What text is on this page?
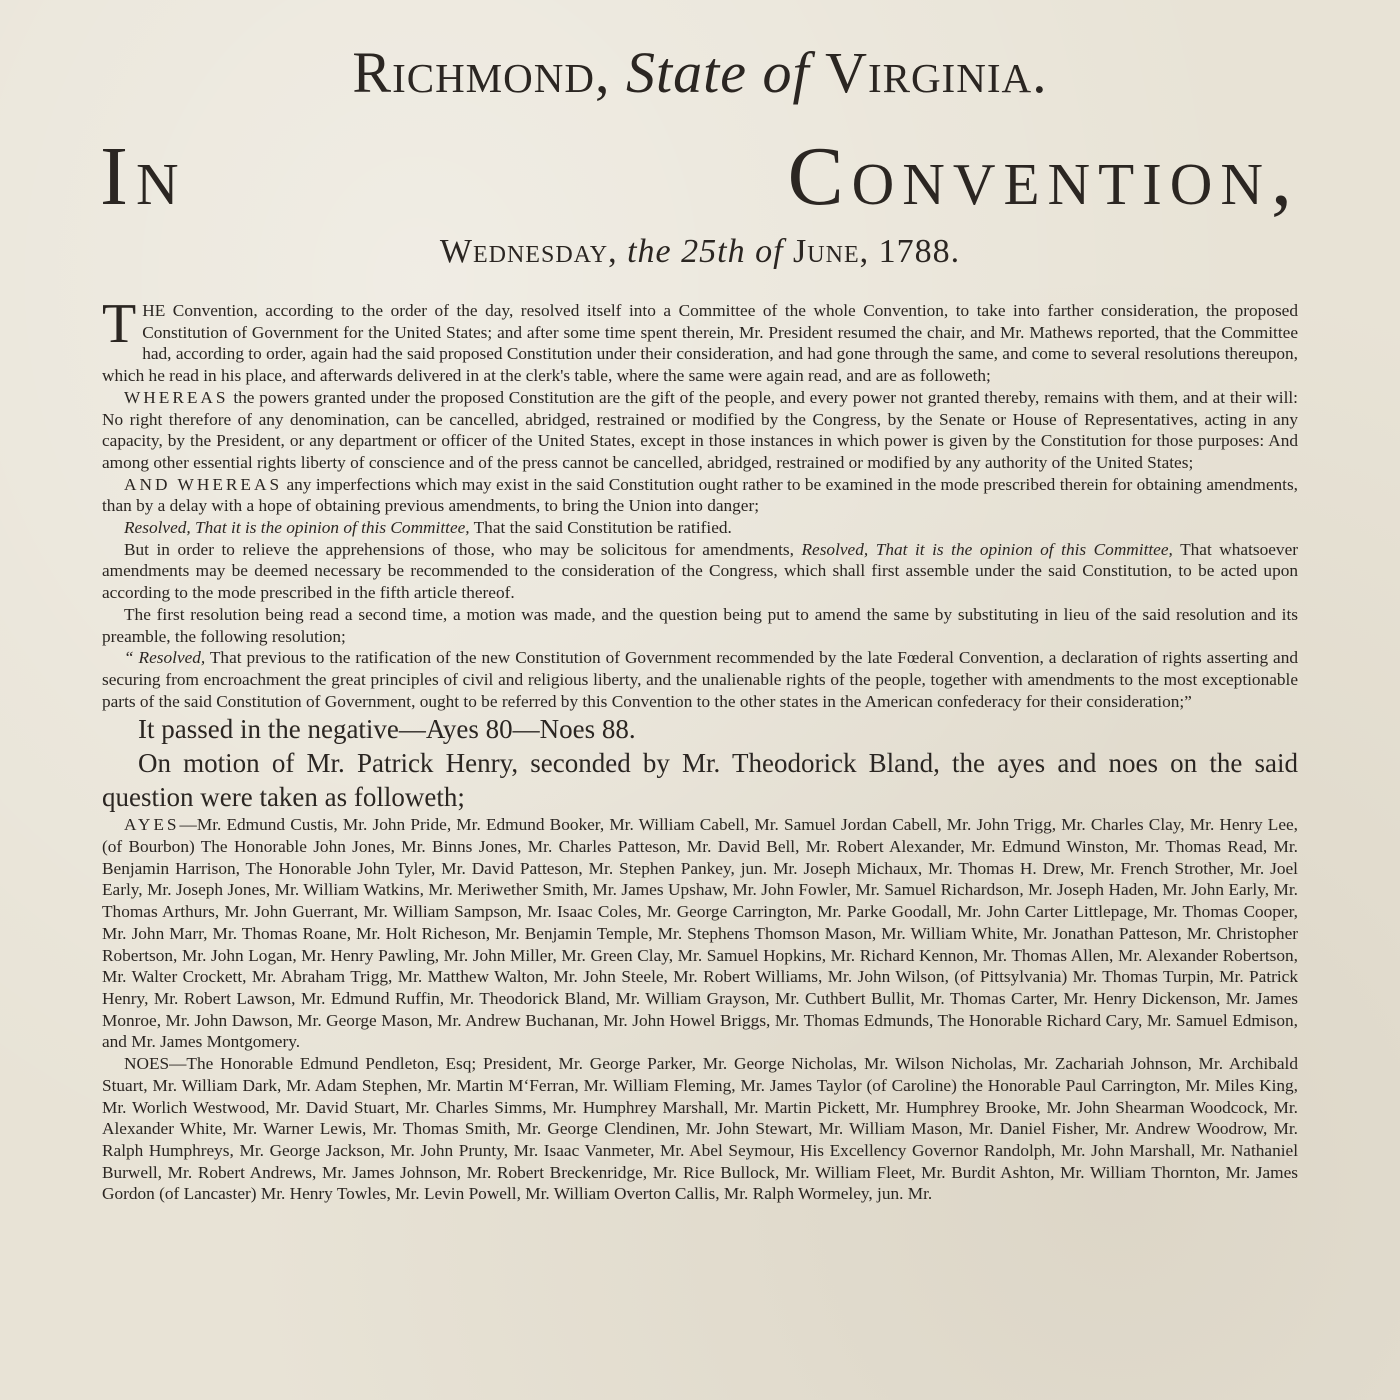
Richmond, State of Virginia.
In Convention,
Wednesday, the 25th of June, 1788.

THE Convention, according to the order of the day, resolved itself into a Committee of the whole Convention, to take into farther consideration, the proposed Constitution of Government for the United States; and after some time spent therein, Mr. President resumed the chair, and Mr. Mathews reported, that the Committee had, according to order, again had the said proposed Constitution under their consideration, and had gone through the same, and come to several resolutions thereupon, which he read in his place, and afterwards delivered in at the clerk's table, where the same were again read, and are as followeth;

WHEREAS the powers granted under the proposed Constitution are the gift of the people, and every power not granted thereby, remains with them, and at their will: No right therefore of any denomination, can be cancelled, abridged, restrained or modified by the Congress, by the Senate or House of Representatives, acting in any capacity, by the President, or any department or officer of the United States, except in those instances in which power is given by the Constitution for those purposes: And among other essential rights liberty of conscience and of the press cannot be cancelled, abridged, restrained or modified by any authority of the United States;

AND WHEREAS any imperfections which may exist in the said Constitution ought rather to be examined in the mode prescribed therein for obtaining amendments, than by a delay with a hope of obtaining previous amendments, to bring the Union into danger;

Resolved, That it is the opinion of this Committee, That the said Constitution be ratified.

But in order to relieve the apprehensions of those, who may be solicitous for amendments, Resolved, That it is the opinion of this Committee, That whatsoever amendments may be deemed necessary be recommended to the consideration of the Congress, which shall first assemble under the said Constitution, to be acted upon according to the mode prescribed in the fifth article thereof.

The first resolution being read a second time, a motion was made, and the question being put to amend the same by substituting in lieu of the said resolution and its preamble, the following resolution;

“ Resolved, That previous to the ratification of the new Constitution of Government recommended by the late Fœderal Convention, a declaration of rights asserting and securing from encroachment the great principles of civil and religious liberty, and the unalienable rights of the people, together with amendments to the most exceptionable parts of the said Constitution of Government, ought to be referred by this Convention to the other states in the American confederacy for their consideration;”

It passed in the negative—Ayes 80—Noes 88.

On motion of Mr. Patrick Henry, seconded by Mr. Theodorick Bland, the ayes and noes on the said question were taken as followeth;

AYES—Mr. Edmund Custis, Mr. John Pride, Mr. Edmund Booker, Mr. William Cabell, Mr. Samuel Jordan Cabell, Mr. John Trigg, Mr. Charles Clay, Mr. Henry Lee, (of Bourbon) The Honorable John Jones, Mr. Binns Jones, Mr. Charles Patteson, Mr. David Bell, Mr. Robert Alexander, Mr. Edmund Winston, Mr. Thomas Read, Mr. Benjamin Harrison, The Honorable John Tyler, Mr. David Patteson, Mr. Stephen Pankey, jun. Mr. Joseph Michaux, Mr. Thomas H. Drew, Mr. French Strother, Mr. Joel Early, Mr. Joseph Jones, Mr. William Watkins, Mr. Meriwether Smith, Mr. James Upshaw, Mr. John Fowler, Mr. Samuel Richardson, Mr. Joseph Haden, Mr. John Early, Mr. Thomas Arthurs, Mr. John Guerrant, Mr. William Sampson, Mr. Isaac Coles, Mr. George Carrington, Mr. Parke Goodall, Mr. John Carter Littlepage, Mr. Thomas Cooper, Mr. John Marr, Mr. Thomas Roane, Mr. Holt Richeson, Mr. Benjamin Temple, Mr. Stephens Thomson Mason, Mr. William White, Mr. Jonathan Patteson, Mr. Christopher Robertson, Mr. John Logan, Mr. Henry Pawling, Mr. John Miller, Mr. Green Clay, Mr. Samuel Hopkins, Mr. Richard Kennon, Mr. Thomas Allen, Mr. Alexander Robertson, Mr. Walter Crockett, Mr. Abraham Trigg, Mr. Matthew Walton, Mr. John Steele, Mr. Robert Williams, Mr. John Wilson, (of Pittsylvania) Mr. Thomas Turpin, Mr. Patrick Henry, Mr. Robert Lawson, Mr. Edmund Ruffin, Mr. Theodorick Bland, Mr. William Grayson, Mr. Cuthbert Bullit, Mr. Thomas Carter, Mr. Henry Dickenson, Mr. James Monroe, Mr. John Dawson, Mr. George Mason, Mr. Andrew Buchanan, Mr. John Howel Briggs, Mr. Thomas Edmunds, The Honorable Richard Cary, Mr. Samuel Edmison, and Mr. James Montgomery.

NOES—The Honorable Edmund Pendleton, Esq; President, Mr. George Parker, Mr. George Nicholas, Mr. Wilson Nicholas, Mr. Zachariah Johnson, Mr. Archibald Stuart, Mr. William Dark, Mr. Adam Stephen, Mr. Martin M‘Ferran, Mr. William Fleming, Mr. James Taylor (of Caroline) the Honorable Paul Carrington, Mr. Miles King, Mr. Worlich Westwood, Mr. David Stuart, Mr. Charles Simms, Mr. Humphrey Marshall, Mr. Martin Pickett, Mr. Humphrey Brooke, Mr. John Shearman Woodcock, Mr. Alexander White, Mr. Warner Lewis, Mr. Thomas Smith, Mr. George Clendinen, Mr. John Stewart, Mr. William Mason, Mr. Daniel Fisher, Mr. Andrew Woodrow, Mr. Ralph Humphreys, Mr. George Jackson, Mr. John Prunty, Mr. Isaac Vanmeter, Mr. Abel Seymour, His Excellency Governor Randolph, Mr. John Marshall, Mr. Nathaniel Burwell, Mr. Robert Andrews, Mr. James Johnson, Mr. Robert Breckenridge, Mr. Rice Bullock, Mr. William Fleet, Mr. Burdit Ashton, Mr. William Thornton, Mr. James Gordon (of Lancaster) Mr. Henry Towles, Mr. Levin Powell, Mr. William Overton Callis, Mr. Ralph Wormeley, jun. Mr.
